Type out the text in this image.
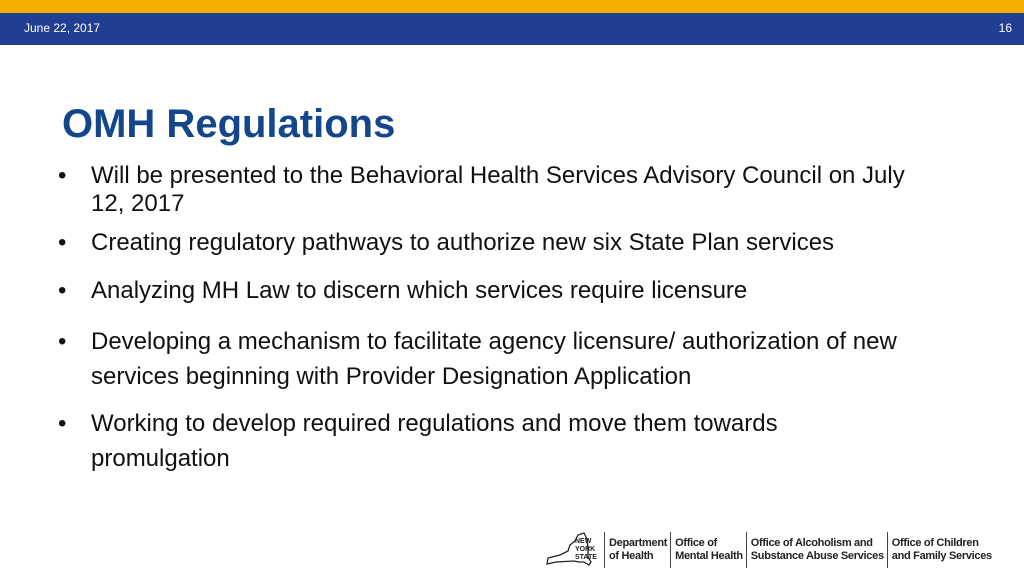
June 22, 2017	16
OMH Regulations
• Will be presented to the Behavioral Health Services Advisory Council on July
12, 2017
• Creating regulatory pathways to authorize new six State Plan services
• Analyzing MH Law to discern which services require licensure
• Developing a mechanism to facilitate agency licensure/ authorization of new
services beginning with Provider Designation Application
• Working to develop required regulations and move them towards
promulgation
NEW
YORK
STATE
Department
of Health
Office of
Mental Health
Office of Alcoholism and
Substance Abuse Services
Office of Children
and Family Services
